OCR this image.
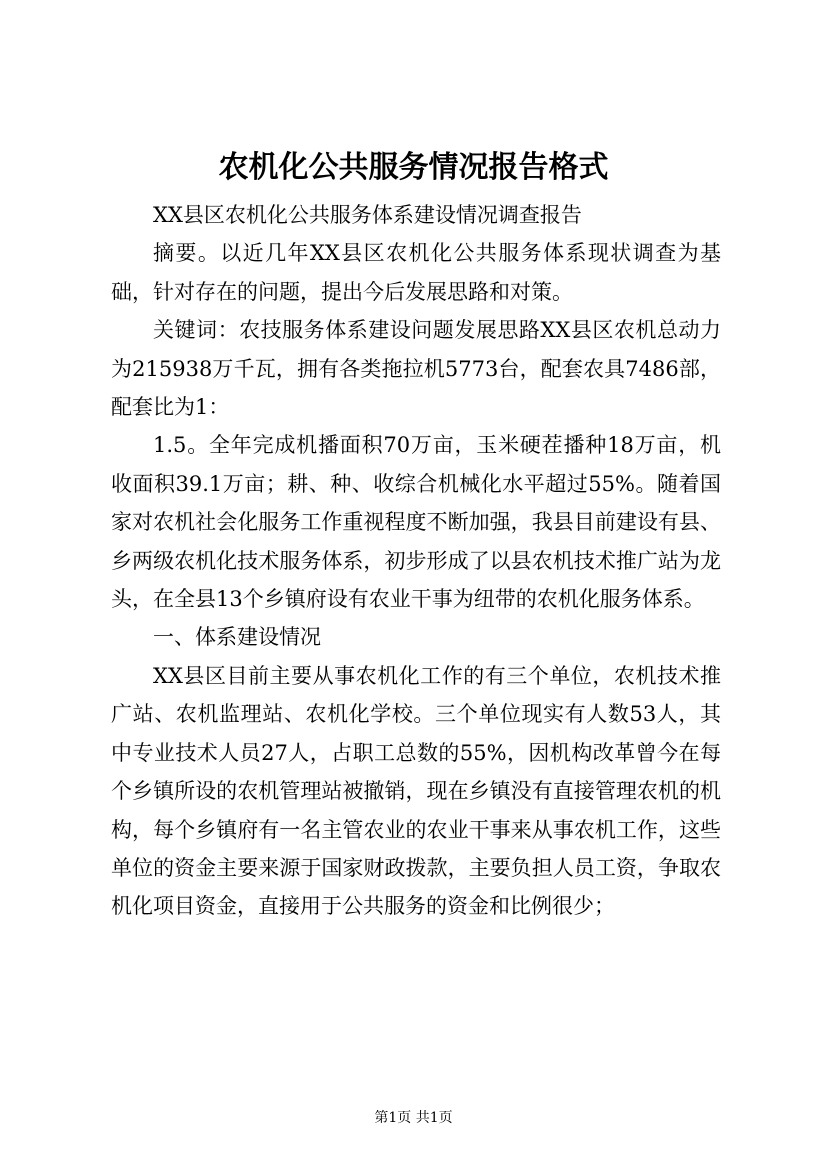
农机化公共服务情况报告格式

XX县区农机化公共服务体系建设情况调查报告

摘要。以近几年XX县区农机化公共服务体系现状调查为基础，针对存在的问题，提出今后发展思路和对策。

关键词：农技服务体系建设问题发展思路XX县区农机总动力为215938万千瓦，拥有各类拖拉机5773台，配套农具7486部，配套比为1：

1.5。全年完成机播面积70万亩，玉米硬茬播种18万亩，机收面积39.1万亩；耕、种、收综合机械化水平超过55%。随着国家对农机社会化服务工作重视程度不断加强，我县目前建设有县、乡两级农机化技术服务体系，初步形成了以县农机技术推广站为龙头，在全县13个乡镇府设有农业干事为纽带的农机化服务体系。

一、体系建设情况

XX县区目前主要从事农机化工作的有三个单位，农机技术推广站、农机监理站、农机化学校。三个单位现实有人数53人，其中专业技术人员27人，占职工总数的55%，因机构改革曾今在每个乡镇所设的农机管理站被撤销，现在乡镇没有直接管理农机的机构，每个乡镇府有一名主管农业的农业干事来从事农机工作，这些单位的资金主要来源于国家财政拨款，主要负担人员工资，争取农机化项目资金，直接用于公共服务的资金和比例很少；

第1页 共1页
